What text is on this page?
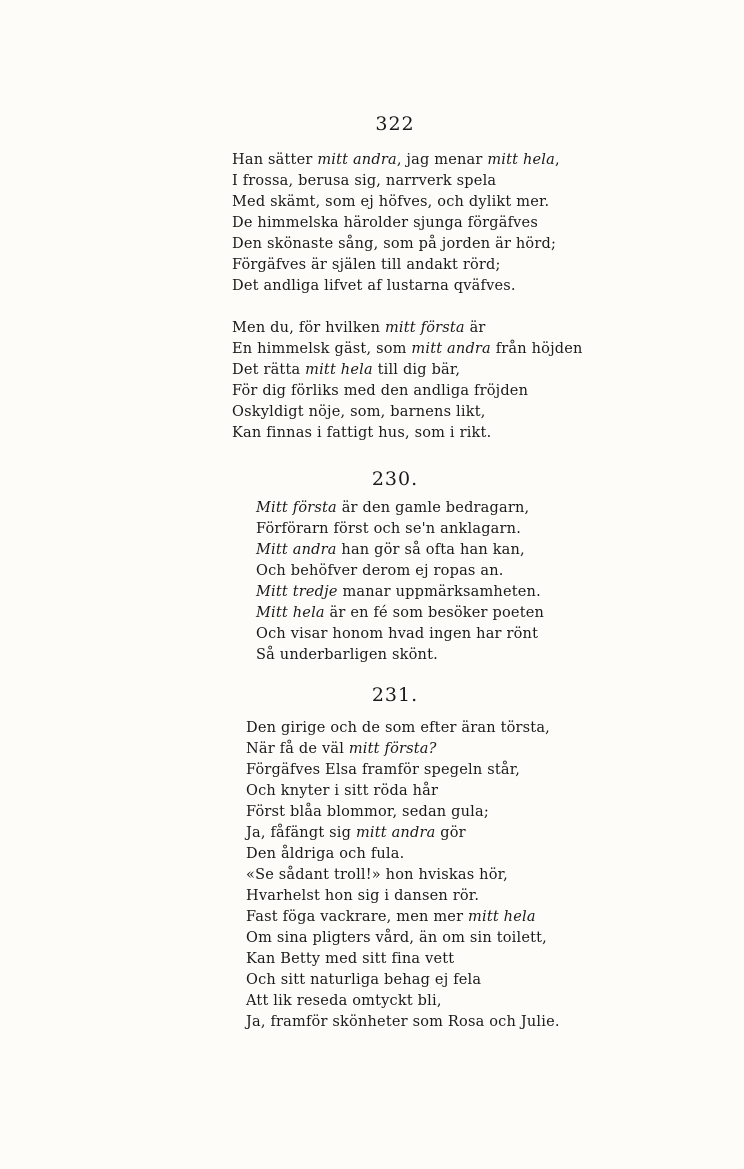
322
Han sätter mitt andra, jag menar mitt hela,
I frossa, berusa sig, narrverk spela
Med skämt, som ej höfves, och dylikt mer.
De himmelska härolder sjunga förgäfves
Den skönaste sång, som på jorden är hörd;
Förgäfves är själen till andakt rörd;
Det andliga lifvet af lustarna qväfves.
Men du, för hvilken mitt första är
En himmelsk gäst, som mitt andra från höjden
Det rätta mitt hela till dig bär,
För dig förliks med den andliga fröjden
Oskyldigt nöje, som, barnens likt,
Kan finnas i fattigt hus, som i rikt.
230.
Mitt första är den gamle bedragarn,
Förförarn först och se'n anklagarn.
Mitt andra han gör så ofta han kan,
Och behöfver derom ej ropas an.
Mitt tredje manar uppmärksamheten.
Mitt hela är en fé som besöker poeten
Och visar honom hvad ingen har rönt
Så underbarligen skönt.
231.
Den girige och de som efter äran törsta,
När få de väl mitt första?
Förgäfves Elsa framför spegeln står,
Och knyter i sitt röda hår
Först blåa blommor, sedan gula;
Ja, fåfängt sig mitt andra gör
Den åldriga och fula.
«Se sådant troll!» hon hviskas hör,
Hvarhelst hon sig i dansen rör.
Fast föga vackrare, men mer mitt hela
Om sina pligters vård, än om sin toilett,
Kan Betty med sitt fina vett
Och sitt naturliga behag ej fela
Att lik reseda omtyckt bli,
Ja, framför skönheter som Rosa och Julie.
